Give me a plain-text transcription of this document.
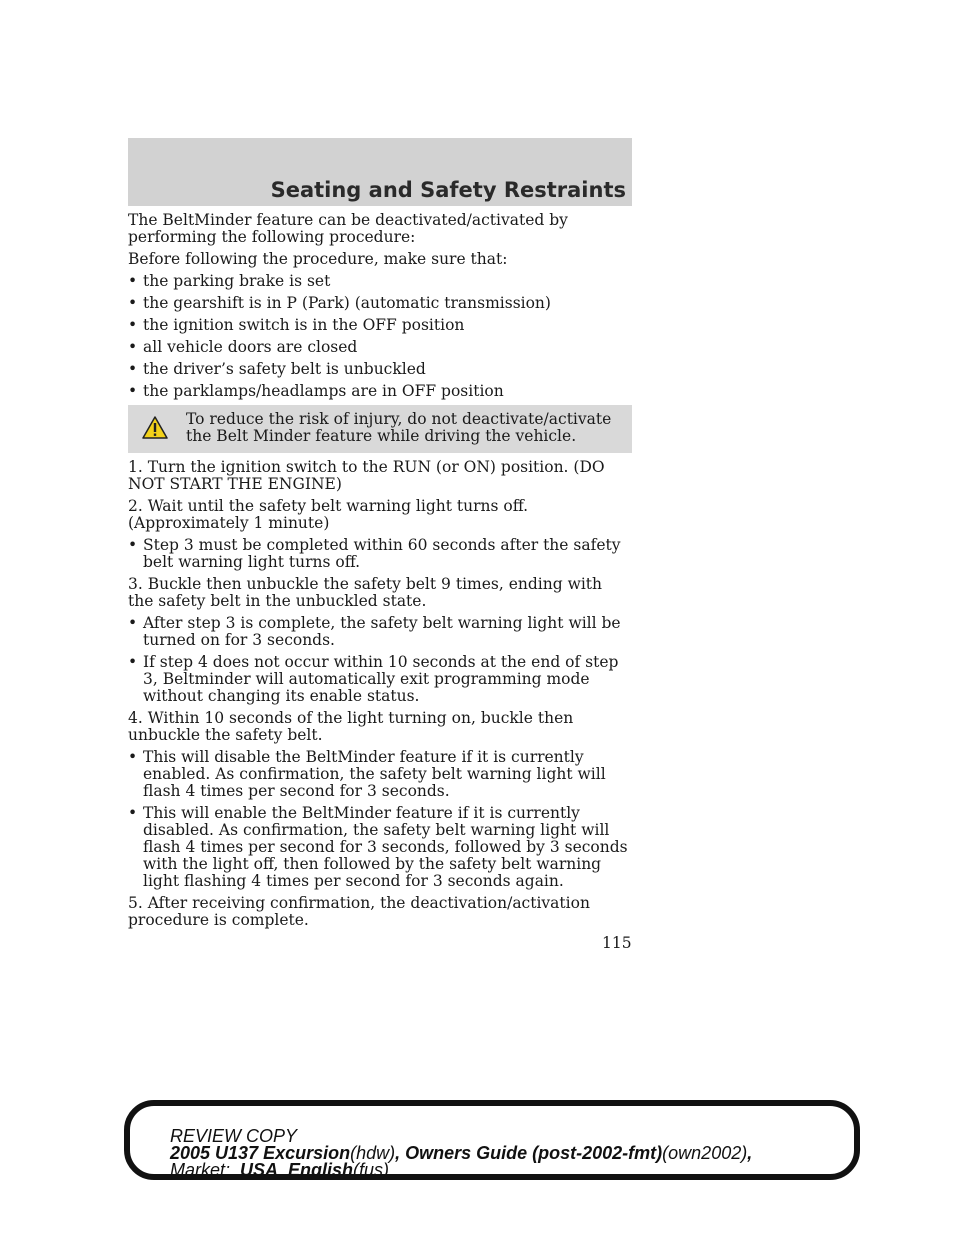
Seating and Safety Restraints

The BeltMinder feature can be deactivated/activated by performing the following procedure:

Before following the procedure, make sure that:

• the parking brake is set
• the gearshift is in P (Park) (automatic transmission)
• the ignition switch is in the OFF position
• all vehicle doors are closed
• the driver’s safety belt is unbuckled
• the parklamps/headlamps are in OFF position
To reduce the risk of injury, do not deactivate/activate the Belt Minder feature while driving the vehicle.

1. Turn the ignition switch to the RUN (or ON) position. (DO NOT START THE ENGINE)

2. Wait until the safety belt warning light turns off. (Approximately 1 minute)

• Step 3 must be completed within 60 seconds after the safety belt warning light turns off.

3. Buckle then unbuckle the safety belt 9 times, ending with the safety belt in the unbuckled state.

• After step 3 is complete, the safety belt warning light will be turned on for 3 seconds.
• If step 4 does not occur within 10 seconds at the end of step 3, Beltminder will automatically exit programming mode without changing its enable status.

4. Within 10 seconds of the light turning on, buckle then unbuckle the safety belt.

• This will disable the BeltMinder feature if it is currently enabled. As confirmation, the safety belt warning light will flash 4 times per second for 3 seconds.
• This will enable the BeltMinder feature if it is currently disabled. As confirmation, the safety belt warning light will flash 4 times per second for 3 seconds, followed by 3 seconds with the light off, then followed by the safety belt warning light flashing 4 times per second for 3 seconds again.

5. After receiving confirmation, the deactivation/activation procedure is complete.

115
REVIEW COPY
2005 U137 Excursion(hdw), Owners Guide (post-2002-fmt)(own2002),
Market:  USA_English(fus)
